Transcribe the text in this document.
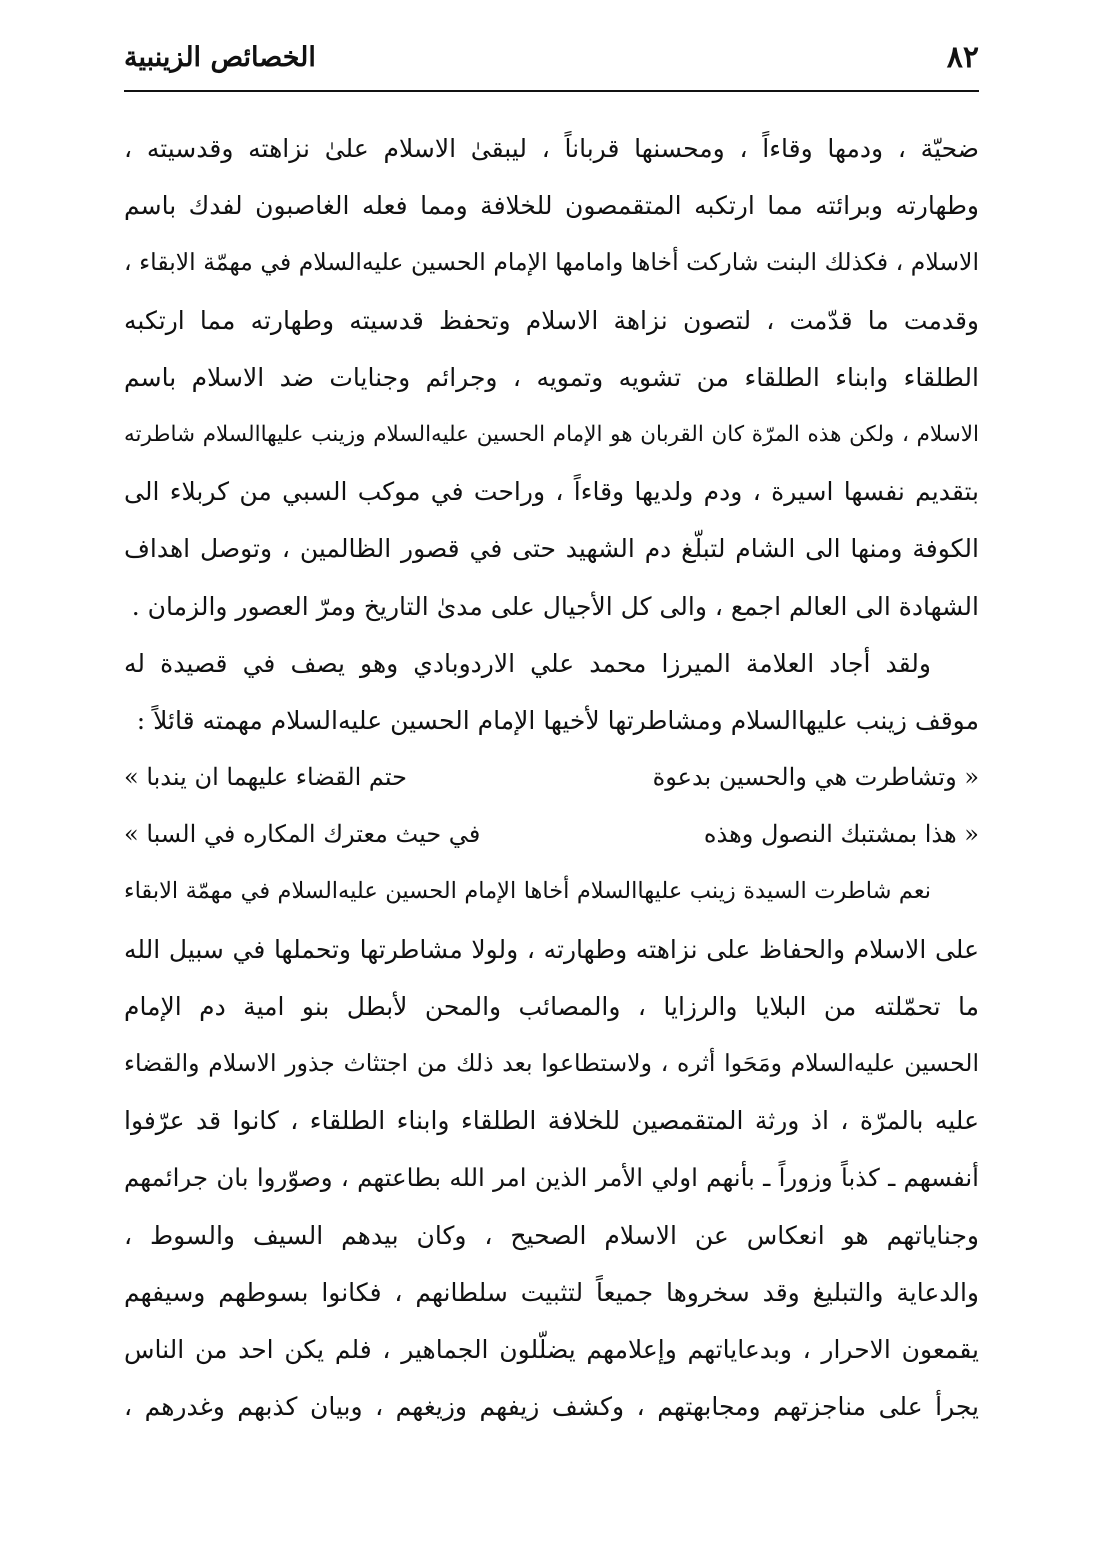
٨٢
الخصائص الزينبية
ضحيّة ، ودمها وقاءاً ، ومحسنها قرباناً ، ليبقىٰ الاسلام علىٰ نزاهته وقدسيته ،
وطهارته وبرائته مما ارتكبه المتقمصون للخلافة ومما فعله الغاصبون لفدك باسم
الاسلام ، فكذلك البنت شاركت أخاها وامامها الإمام الحسين عليه‌السلام في مهمّة الابقاء ،
وقدمت ما قدّمت ، لتصون نزاهة الاسلام وتحفظ قدسيته وطهارته مما ارتكبه
الطلقاء وابناء الطلقاء من تشويه وتمويه ، وجرائم وجنايات ضد الاسلام باسم
الاسلام ، ولكن هذه المرّة كان القربان هو الإمام الحسين عليه‌السلام وزينب عليها‌السلام شاطرته
بتقديم نفسها اسيرة ، ودم ولديها وقاءاً ، وراحت في موكب السبي من كربلاء الى
الكوفة ومنها الى الشام لتبلّغ دم الشهيد حتى في قصور الظالمين ، وتوصل اهداف
الشهادة الى العالم اجمع ، والى كل الأجيال على مدىٰ التاريخ ومرّ العصور والزمان .
ولقد أجاد العلامة الميرزا محمد علي الاردوبادي وهو يصف في قصيدة له
موقف زينب عليها‌السلام ومشاطرتها لأخيها الإمام الحسين عليه‌السلام مهمته قائلاً :
« وتشاطرت هي والحسين بدعوة
حتم القضاء عليهما ان يندبا »
« هذا بمشتبك النصول وهذه
في حيث معترك المكاره في السبا »
نعم شاطرت السيدة زينب عليها‌السلام أخاها الإمام الحسين عليه‌السلام في مهمّة الابقاء
على الاسلام والحفاظ على نزاهته وطهارته ، ولولا مشاطرتها وتحملها في سبيل الله
ما تحمّلته من البلايا والرزايا ، والمصائب والمحن لأبطل بنو امية دم الإمام
الحسين عليه‌السلام ومَحَوا أثره ، ولاستطاعوا بعد ذلك من اجتثاث جذور الاسلام والقضاء
عليه بالمرّة ، اذ ورثة المتقمصين للخلافة الطلقاء وابناء الطلقاء ، كانوا قد عرّفوا
أنفسهم ـ كذباً وزوراً ـ بأنهم اولي الأمر الذين امر الله بطاعتهم ، وصوّروا بان جرائمهم
وجناياتهم هو انعكاس عن الاسلام الصحيح ، وكان بيدهم السيف والسوط ،
والدعاية والتبليغ وقد سخروها جميعاً لتثبيت سلطانهم ، فكانوا بسوطهم وسيفهم
يقمعون الاحرار ، وبدعاياتهم وإعلامهم يضلّلون الجماهير ، فلم يكن احد من الناس
يجرأ على مناجزتهم ومجابهتهم ، وكشف زيفهم وزيغهم ، وبيان كذبهم وغدرهم ،
